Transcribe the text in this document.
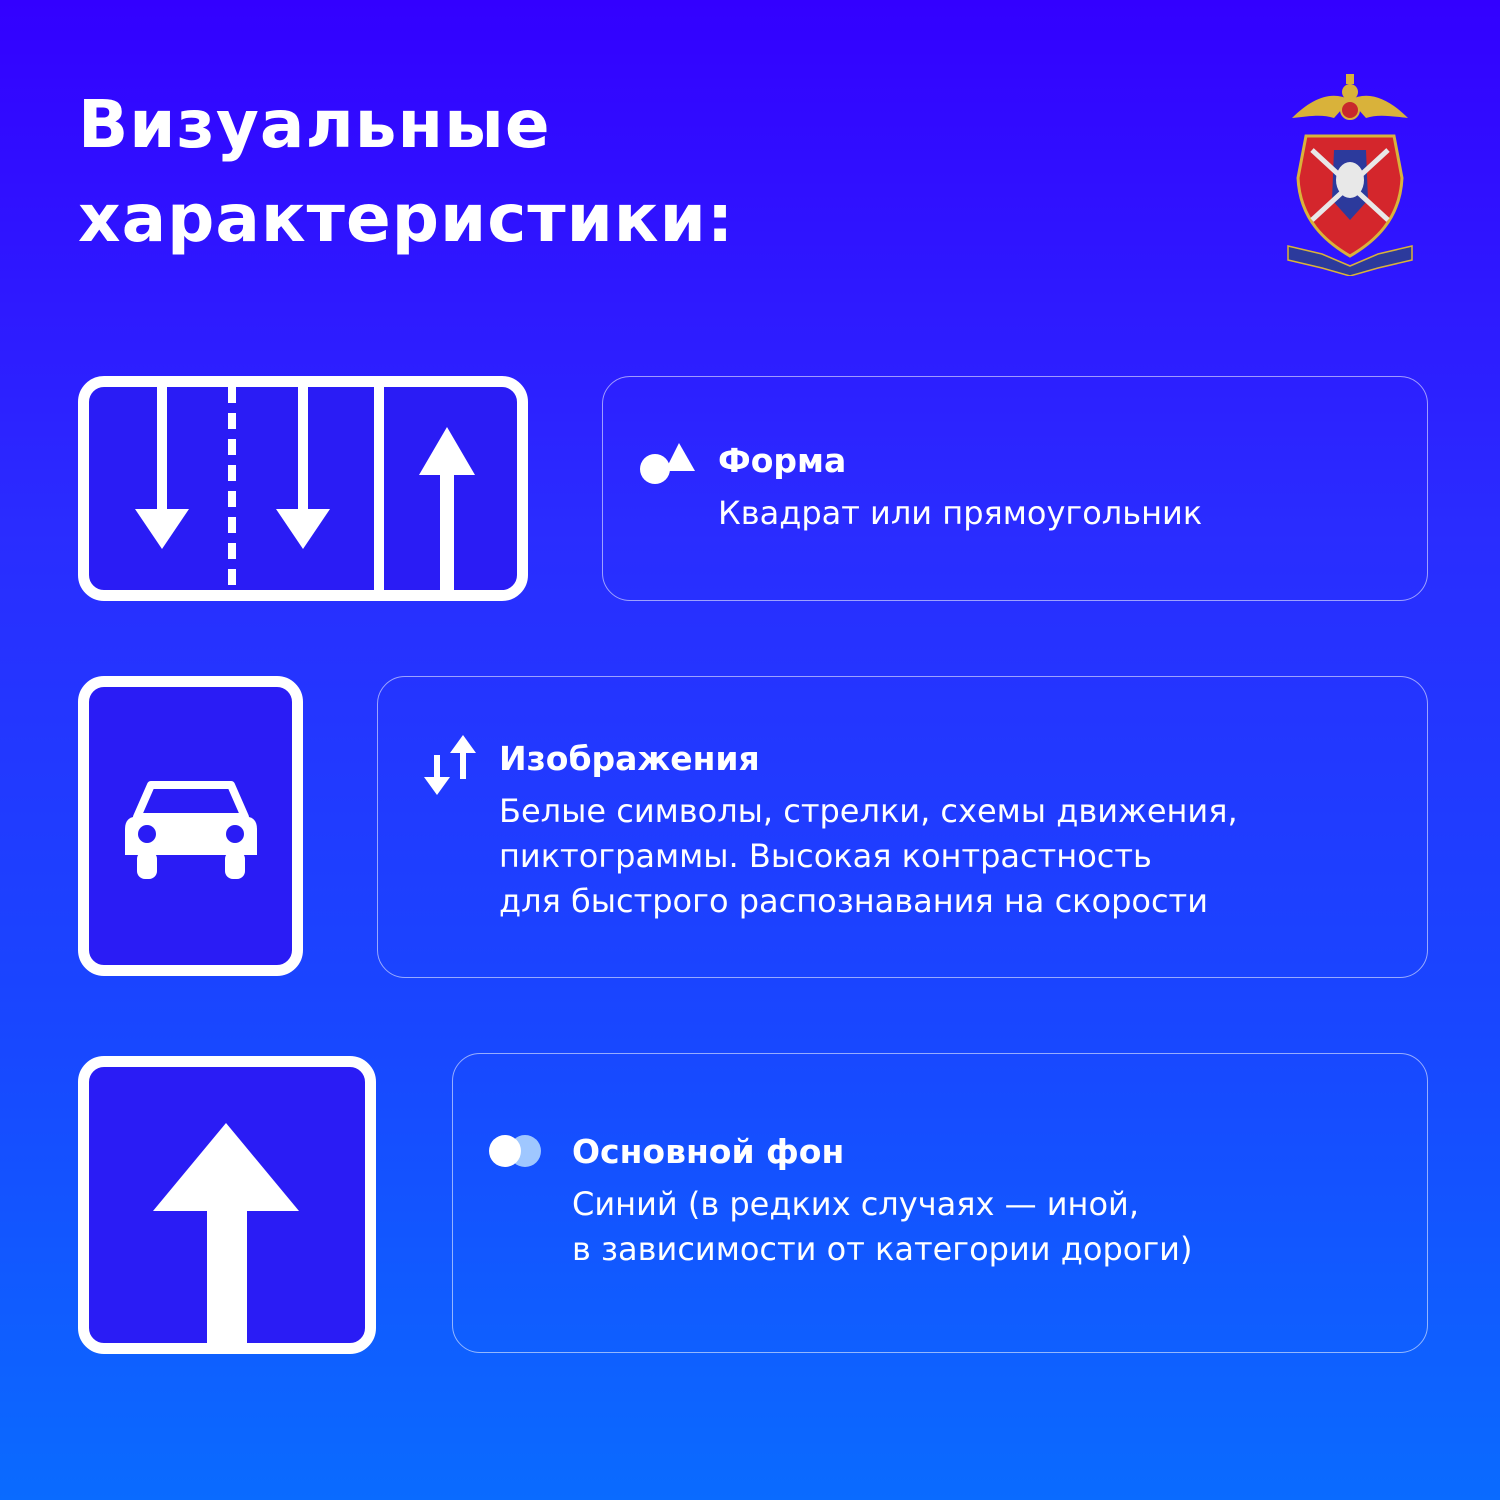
Визуальные
характеристики:
Форма

Квадрат или прямоугольник

Изображения

Белые символы, стрелки, схемы движения,
пиктограммы. Высокая контрастность
для быстрого распознавания на скорости

Основной фон

Синий (в редких случаях — иной,
в зависимости от категории дороги)
